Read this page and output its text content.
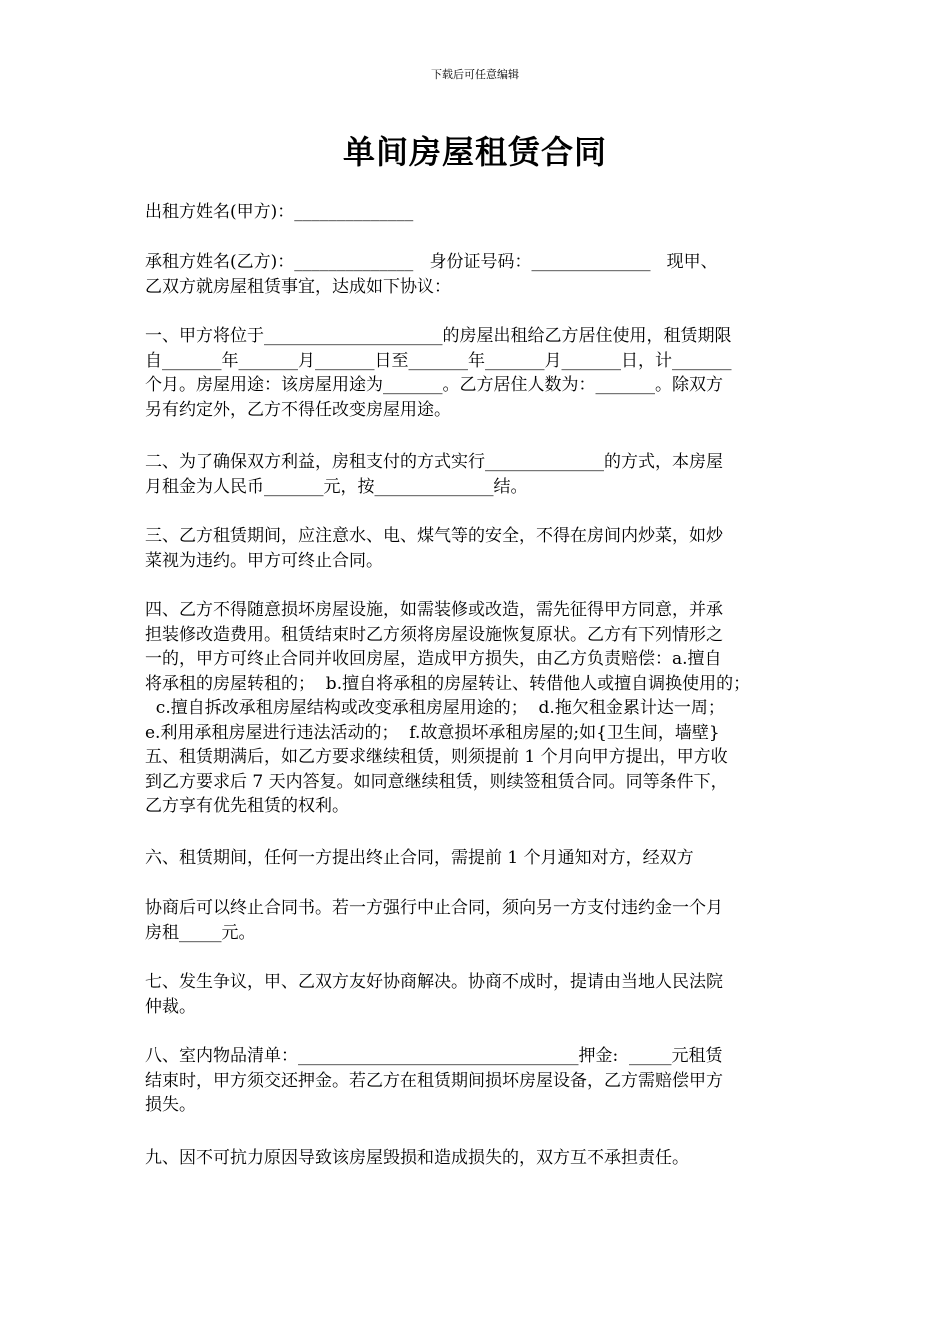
下载后可任意编辑
单间房屋租赁合同
出租方姓名(甲方)：______________
承租方姓名(乙方)：______________   身份证号码：______________   现甲、
乙双方就房屋租赁事宜，达成如下协议：
一、甲方将位于_____________________的房屋出租给乙方居住使用，租赁期限
自_______年_______月_______日至_______年_______月_______日，计_______
个月。房屋用途：该房屋用途为_______。乙方居住人数为：_______。除双方
另有约定外，乙方不得任改变房屋用途。
二、为了确保双方利益，房租支付的方式实行______________的方式，本房屋
月租金为人民币_______元，按______________结。
三、乙方租赁期间，应注意水、电、煤气等的安全，不得在房间内炒菜，如炒
菜视为违约。甲方可终止合同。
四、乙方不得随意损坏房屋设施，如需装修或改造，需先征得甲方同意，并承
担装修改造费用。租赁结束时乙方须将房屋设施恢复原状。乙方有下列情形之
一的，甲方可终止合同并收回房屋，造成甲方损失，由乙方负责赔偿：a.擅自
将承租的房屋转租的；  b.擅自将承租的房屋转让、转借他人或擅自调换使用的；
c.擅自拆改承租房屋结构或改变承租房屋用途的；  d.拖欠租金累计达一周；
e.利用承租房屋进行违法活动的；  f.故意损坏承租房屋的;如{卫生间，墙壁}
五、租赁期满后，如乙方要求继续租赁，则须提前 1 个月向甲方提出，甲方收
到乙方要求后 7 天内答复。如同意继续租赁，则续签租赁合同。同等条件下，
乙方享有优先租赁的权利。
六、租赁期间，任何一方提出终止合同，需提前 1 个月通知对方，经双方
协商后可以终止合同书。若一方强行中止合同，须向另一方支付违约金一个月
房租_____元。
七、发生争议，甲、乙双方友好协商解决。协商不成时，提请由当地人民法院
仲裁。
八、室内物品清单：_________________________________押金:  _____元租赁
结束时，甲方须交还押金。若乙方在租赁期间损坏房屋设备，乙方需赔偿甲方
损失。
九、因不可抗力原因导致该房屋毁损和造成损失的，双方互不承担责任。
